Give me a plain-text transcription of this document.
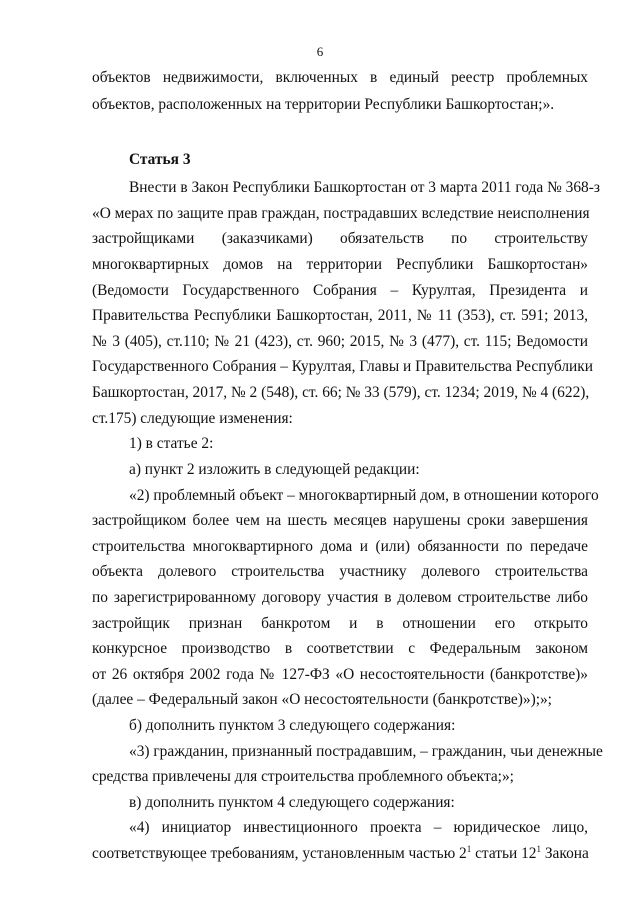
6
объектов недвижимости, включенных в единый реестр проблемных
объектов, расположенных на территории Республики Башкортостан;».
Статья 3
Внести в Закон Республики Башкортостан от 3 марта 2011 года № 368-з
«О мерах по защите прав граждан, пострадавших вследствие неисполнения
застройщиками (заказчиками) обязательств по строительству
многоквартирных домов на территории Республики Башкортостан»
(Ведомости Государственного Собрания – Курултая, Президента и
Правительства Республики Башкортостан, 2011, № 11 (353), ст. 591; 2013,
№ 3 (405), ст.110; № 21 (423), ст. 960; 2015, № 3 (477), ст. 115; Ведомости
Государственного Собрания – Курултая, Главы и Правительства Республики
Башкортостан, 2017, № 2 (548), ст. 66; № 33 (579), ст. 1234; 2019, № 4 (622),
ст.175) следующие изменения:
1) в статье 2:
а) пункт 2 изложить в следующей редакции:
«2) проблемный объект – многоквартирный дом, в отношении которого
застройщиком более чем на шесть месяцев нарушены сроки завершения
строительства многоквартирного дома и (или) обязанности по передаче
объекта долевого строительства участнику долевого строительства
по зарегистрированному договору участия в долевом строительстве либо
застройщик признан банкротом и в отношении его открыто
конкурсное производство в соответствии с Федеральным законом
от 26 октября 2002 года № 127-ФЗ «О несостоятельности (банкротстве)»
(далее – Федеральный закон «О несостоятельности (банкротстве)»);»;
б) дополнить пунктом 3 следующего содержания:
«3) гражданин, признанный пострадавшим, – гражданин, чьи денежные
средства привлечены для строительства проблемного объекта;»;
в) дополнить пунктом 4 следующего содержания:
«4) инициатор инвестиционного проекта – юридическое лицо,
соответствующее требованиям, установленным частью $2^1$ статьи $12^1$ Закона
